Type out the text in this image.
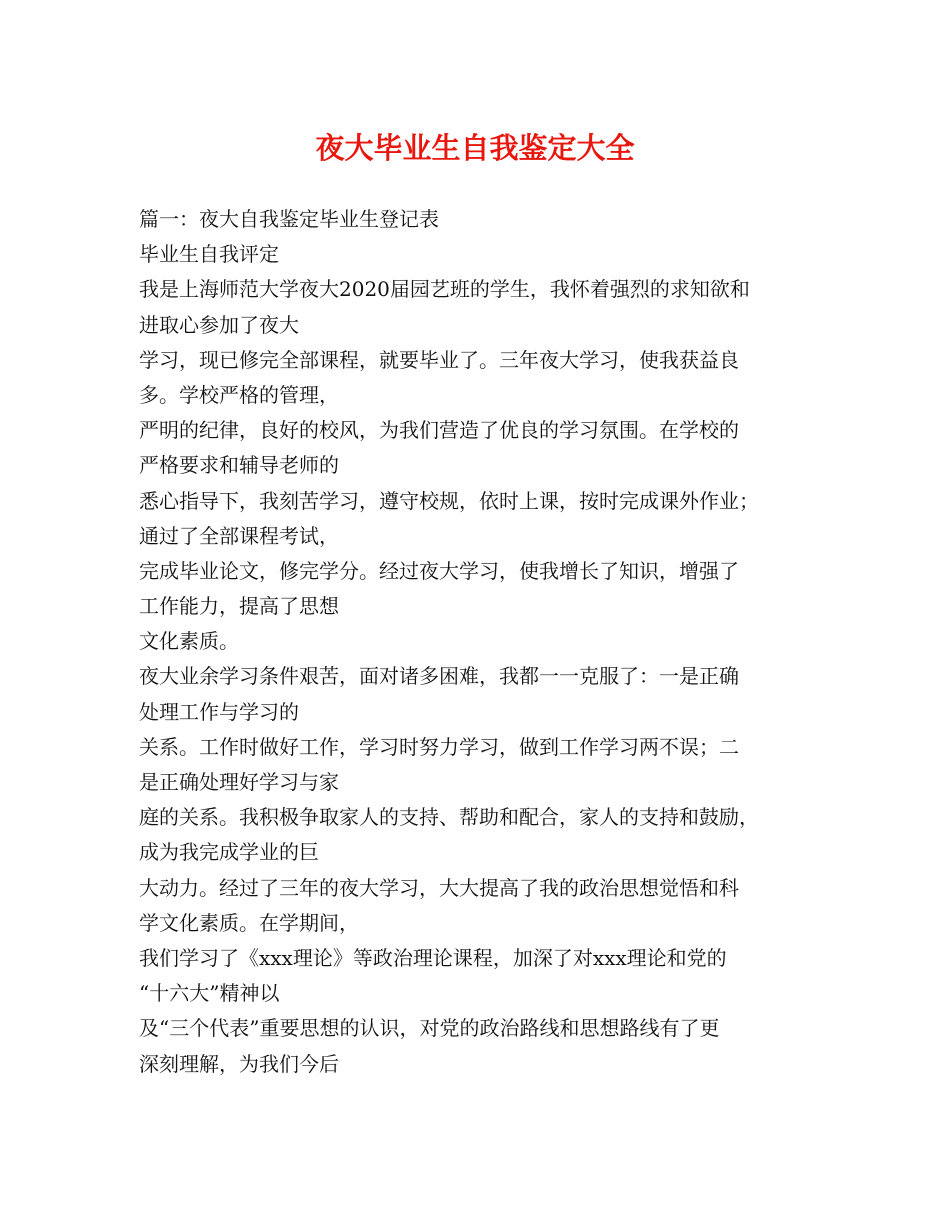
夜大毕业生自我鉴定大全
篇一：夜大自我鉴定毕业生登记表
毕业生自我评定
我是上海师范大学夜大2020届园艺班的学生，我怀着强烈的求知欲和
进取心参加了夜大
学习，现已修完全部课程，就要毕业了。三年夜大学习，使我获益良
多。学校严格的管理，
严明的纪律，良好的校风，为我们营造了优良的学习氛围。在学校的
严格要求和辅导老师的
悉心指导下，我刻苦学习，遵守校规，依时上课，按时完成课外作业；
通过了全部课程考试，
完成毕业论文，修完学分。经过夜大学习，使我增长了知识，增强了
工作能力，提高了思想
文化素质。
夜大业余学习条件艰苦，面对诸多困难，我都一一克服了：一是正确
处理工作与学习的
关系。工作时做好工作，学习时努力学习，做到工作学习两不误；二
是正确处理好学习与家
庭的关系。我积极争取家人的支持、帮助和配合，家人的支持和鼓励，
成为我完成学业的巨
大动力。经过了三年的夜大学习，大大提高了我的政治思想觉悟和科
学文化素质。在学期间，
我们学习了《xxx理论》等政治理论课程，加深了对xxx理论和党的
“十六大”精神以
及“三个代表”重要思想的认识，对党的政治路线和思想路线有了更
深刻理解，为我们今后
